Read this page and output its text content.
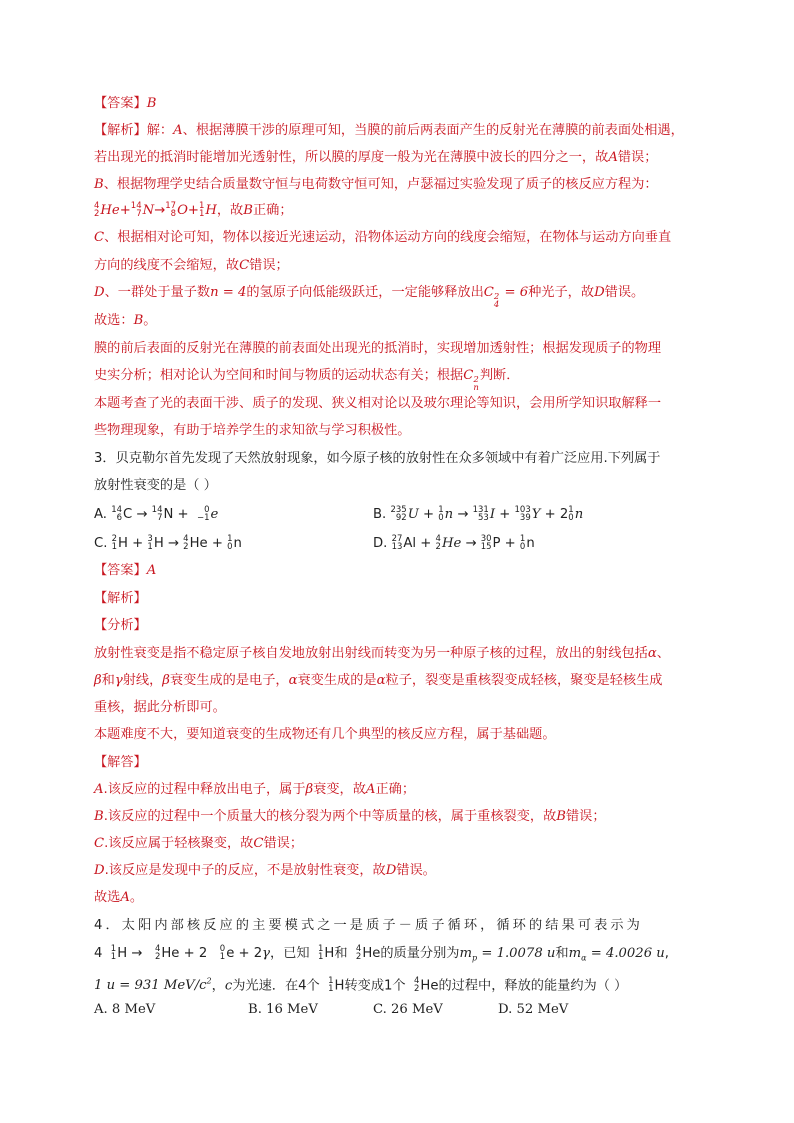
【答案】B
【解析】解：A、根据薄膜干涉的原理可知，当膜的前后两表面产生的反射光在薄膜的前表面处相遇，
若出现光的抵消时能增加光透射性，所以膜的厚度一般为光在薄膜中波长的四分之一，故A错误；
B、根据物理学史结合质量数守恒与电荷数守恒可知，卢瑟福过实验发现了质子的核反应方程为：
4
2 He+ 14
7 N→ 17
8 O+ 1
1 H，故B正确；
C、根据相对论可知，物体以接近光速运动，沿物体运动方向的线度会缩短，在物体与运动方向垂直
方向的线度不会缩短，故C错误；
D、一群处于量子数n = 4的氢原子向低能级跃迁，一定能够释放出C 2
4
= 6种光子，故D错误。
故选：B。
膜的前后表面的反射光在薄膜的前表面处出现光的抵消时，实现增加透射性；根据发现质子的物理
史实分析；相对论认为空间和时间与物质的运动状态有关；根据C 2
n
判断．
本题考查了光的表面干涉、质子的发现、狭义相对论以及玻尔理论等知识，会用所学知识取解释一
些物理现象，有助于培养学生的求知欲与学习积极性。
3．贝克勒尔首先发现了天然放射现象，如今原子核的放射性在众多领域中有着广泛应用.下列属于
放射性衰变的是（ ）
A. 14
6 C → 14
7 N + 0
−1 e	B. 235
92 U + 1
0 n → 131
53 I + 103
39 Y + 2 1
0 n
C. 2
1 H + 3
1 H → 4
2 He + 1
0 n	D. 27
13 Al + 4
2 He → 30
15 P + 1
0 n
【答案】A
【解析】
【分析】
放射性衰变是指不稳定原子核自发地放射出射线而转变为另一种原子核的过程，放出的射线包括α、
β和γ射线，β衰变生成的是电子，α衰变生成的是α粒子，裂变是重核裂变成轻核，聚变是轻核生成
重核，据此分析即可。
本题难度不大，要知道衰变的生成物还有几个典型的核反应方程，属于基础题。
【解答】
A.该反应的过程中释放出电子，属于β衰变，故A正确；
B.该反应的过程中一个质量大的核分裂为两个中等质量的核，属于重核裂变，故B错误；
C.该反应属于轻核聚变，故C错误；
D.该反应是发现中子的反应，不是放射性衰变，故D错误。
故选A。
4．太阳内部核反应的主要模式之一是质子－质子循环，循环的结果可表示为
4 1
1 H → 4
2 He + 2 0
1 e + 2γ，已知 1
1 H和 4
2 He的质量分别为$m_p = 1.0078$ u和$m_\alpha = 4.0026$ u,
1 u = 931 MeV/$c^2$，c为光速．在4个 1
1 H转变成1个 4
2 He的过程中，释放的能量约为（ ）
A. 8 MeV	B. 16 MeV	C. 26 MeV	D. 52 MeV
